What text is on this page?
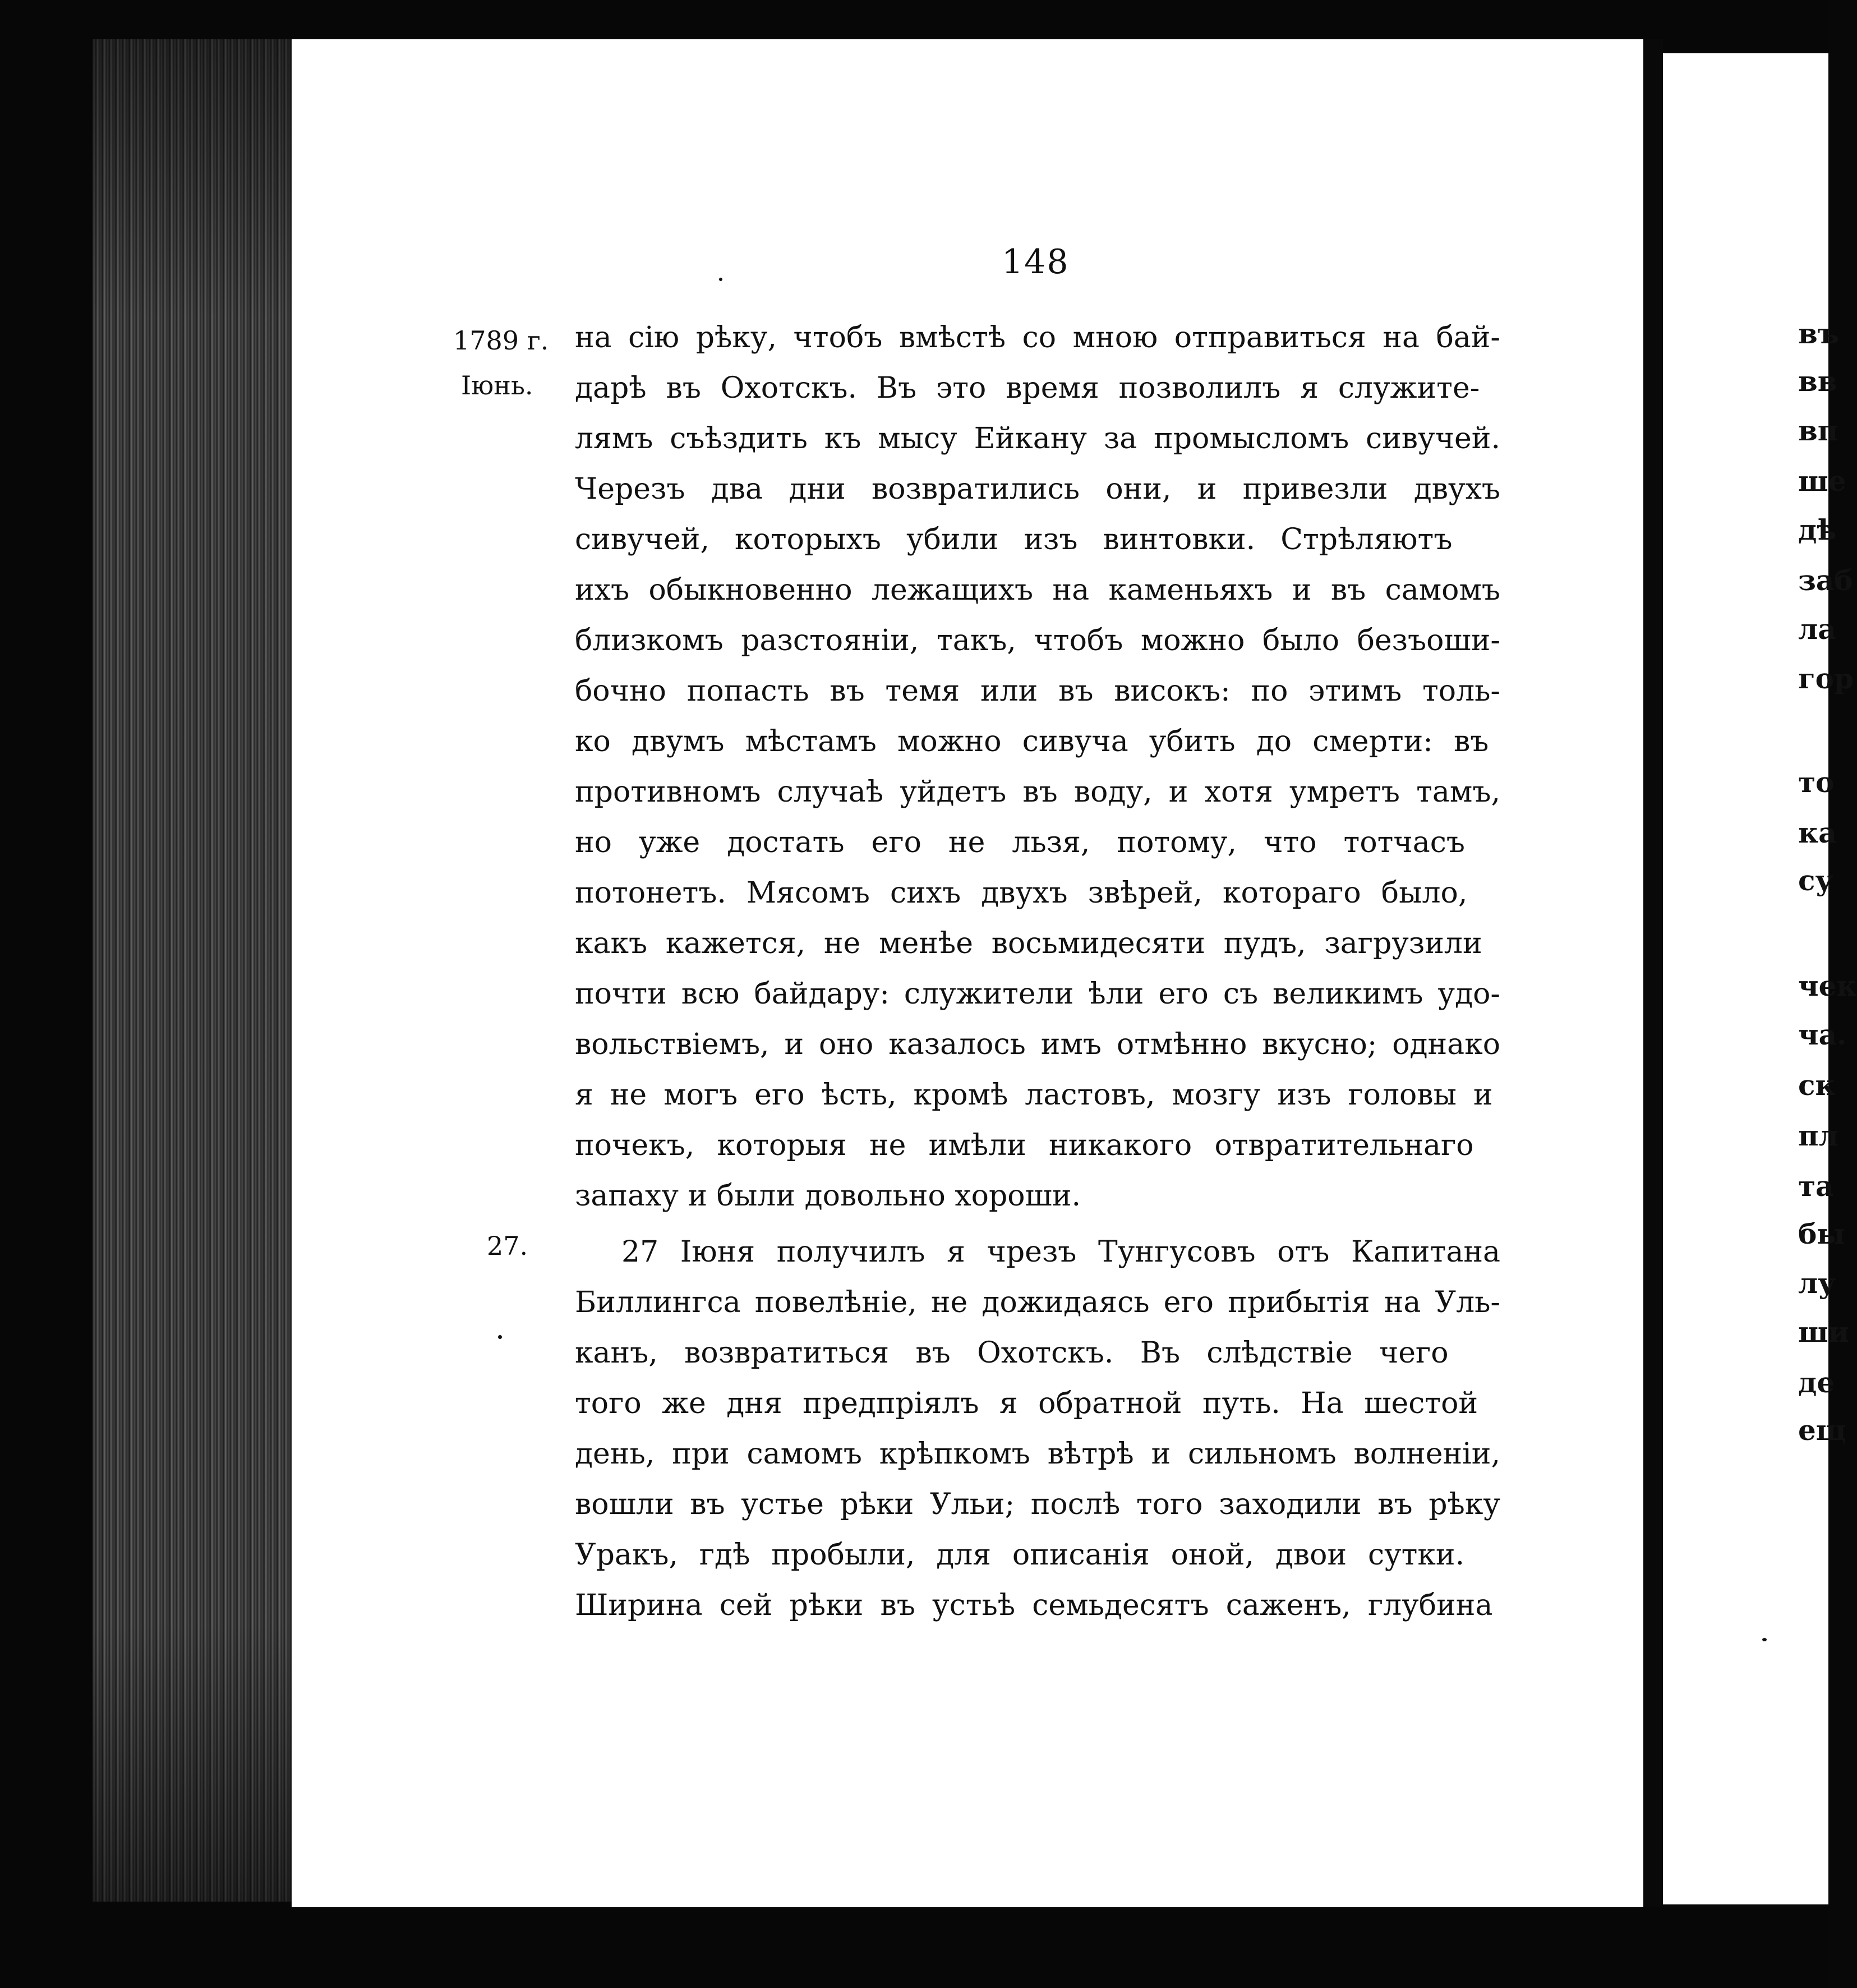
148
1789 г.
Іюнь.
27.
на сію рѣку, чтобъ вмѣстѣ со мною отправиться на бай-
дарѣ въ Охотскъ. Въ это время позволилъ я служите-
лямъ съѣздить къ мысу Ейкану за промысломъ сивучей.
Черезъ два дни возвратились они, и привезли двухъ
сивучей, которыхъ убили изъ винтовки. Стрѣляютъ
ихъ обыкновенно лежащихъ на каменьяхъ и въ самомъ
близкомъ разстояніи, такъ, чтобъ можно было безъоши-
бочно попасть въ темя или въ високъ: по этимъ толь-
ко двумъ мѣстамъ можно сивуча убить до смерти: въ
противномъ случаѣ уйдетъ въ воду, и хотя умретъ тамъ,
но уже достать его не льзя, потому, что тотчасъ
потонетъ. Мясомъ сихъ двухъ звѣрей, котораго было,
какъ кажется, не менѣе восьмидесяти пудъ, загрузили
почти всю байдару: служители ѣли его съ великимъ удо-
вольствіемъ, и оно казалось имъ отмѣнно вкусно; однако
я не могъ его ѣсть, кромѣ ластовъ, мозгу изъ головы и
почекъ, которыя не имѣли никакого отвратительнаго
запаху и были довольно хороши.
27 Іюня получилъ я чрезъ Тунгусовъ отъ Капитана
Биллингса повелѣніе, не дожидаясь его прибытія на Уль-
канъ, возвратиться въ Охотскъ. Въ слѣдствіе чего
того же дня предпріялъ я обратной путь. На шестой
день, при самомъ крѣпкомъ вѣтрѣ и сильномъ волненіи,
вошли въ устье рѣки Ульи; послѣ того заходили въ рѣку
Уракъ, гдѣ пробыли, для описанія оной, двои сутки.
Ширина сей рѣки въ устьѣ семьдесятъ саженъ, глубина
въ
вв
вп
ше
дѣ
заб
ла
гор
то
ка
су
чек
ча.
ск
пл
та
бы
лу
ши
де
ещ
